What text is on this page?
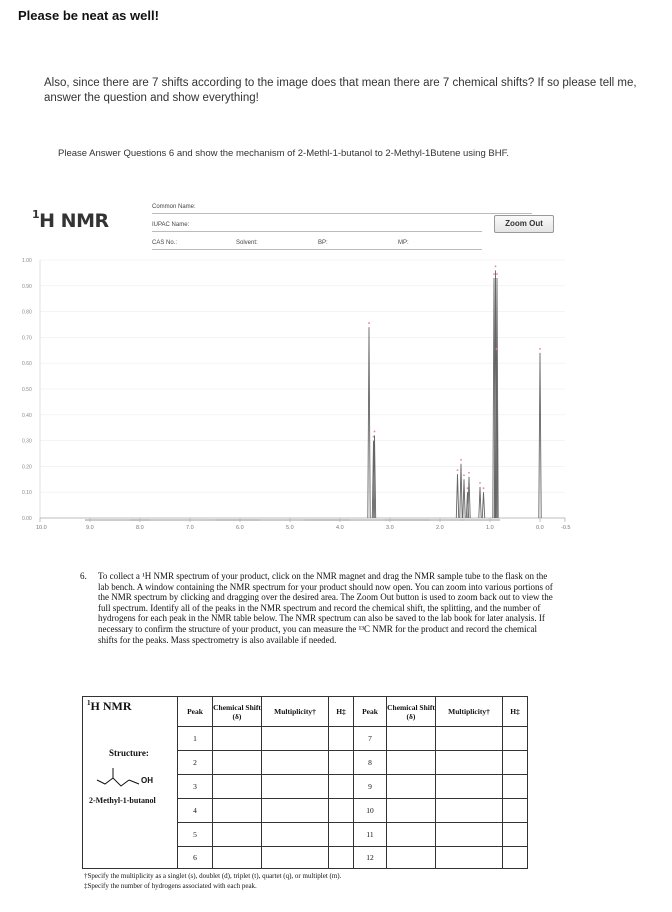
Please be neat as well!
Also, since there are 7 shifts according to the image does that mean there are 7 chemical shifts? If so please tell me, answer the question and show everything!
Please Answer Questions 6 and show the mechanism of 2-Methl-1-butanol to 2-Methyl-1Butene using BHF.
$^1$H NMR
Common Name:
IUPAC Name:
CAS No.:	Solvent:	BP:	MP:
Zoom Out
1.00
0.90
0.80
0.70
0.60
0.50
0.40
0.30
0.20
0.10
0.00
10.0	9.0	8.0	7.0	6.0	5.0	4.0	3.0	2.0	1.0	0.0	-0.5
6. To collect a ¹H NMR spectrum of your product, click on the NMR magnet and drag the NMR sample tube to the flask on the lab bench. A window containing the NMR spectrum for your product should now open. You can zoom into various portions of the NMR spectrum by clicking and dragging over the desired area. The Zoom Out button is used to zoom back out to view the full spectrum. Identify all of the peaks in the NMR spectrum and record the chemical shift, the splitting, and the number of hydrogens for each peak in the NMR table below. The NMR spectrum can also be saved to the lab book for later analysis. If necessary to confirm the structure of your product, you can measure the ¹³C NMR for the product and record the chemical shifts for the peaks. Mass spectrometry is also available if needed.
$^1$H NMR
Structure:
OH
2-Methyl-1-butanol	Peak	Chemical Shift (δ)	Multiplicity†	H‡	Peak	Chemical Shift (δ)	Multiplicity†	H‡
	1				7			
	2				8			
	3				9			
	4				10			
	5				11			
	6				12			
†Specify the multiplicity as a singlet (s), doublet (d), triplet (t), quartet (q), or multiplet (m).
‡Specify the number of hydrogens associated with each peak.
